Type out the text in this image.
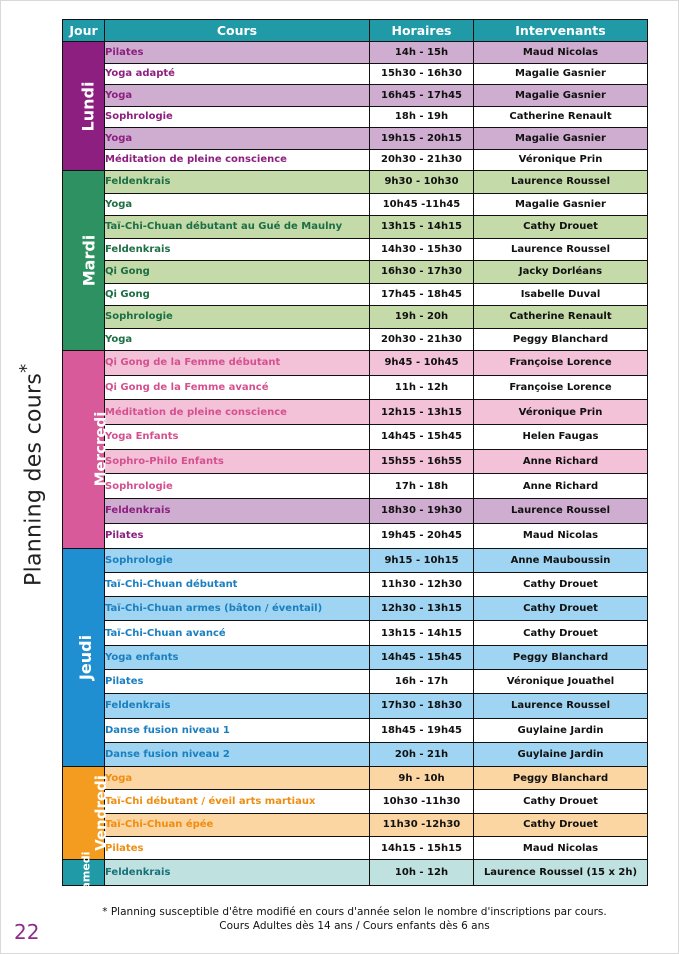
Planning des cours*
Jour	Cours	Horaires	Intervenants
Lundi	Pilates	14h - 15h	Maud Nicolas
	Yoga adapté	15h30 - 16h30	Magalie Gasnier
	Yoga	16h45 - 17h45	Magalie Gasnier
	Sophrologie	18h - 19h	Catherine Renault
	Yoga	19h15 - 20h15	Magalie Gasnier
	Méditation de pleine conscience	20h30 - 21h30	Véronique Prin
Mardi	Feldenkrais	9h30 - 10h30	Laurence Roussel
	Yoga	10h45 -11h45	Magalie Gasnier
	Taï-Chi-Chuan débutant au Gué de Maulny	13h15 - 14h15	Cathy Drouet
	Feldenkrais	14h30 - 15h30	Laurence Roussel
	Qi Gong	16h30 - 17h30	Jacky Dorléans
	Qi Gong	17h45 - 18h45	Isabelle Duval
	Sophrologie	19h - 20h	Catherine Renault
	Yoga	20h30 - 21h30	Peggy Blanchard
Mercredi	Qi Gong de la Femme débutant	9h45 - 10h45	Françoise Lorence
	Qi Gong de la Femme avancé	11h - 12h	Françoise Lorence
	Méditation de pleine conscience	12h15 - 13h15	Véronique Prin
	Yoga Enfants	14h45 - 15h45	Helen Faugas
	Sophro-Philo Enfants	15h55 - 16h55	Anne Richard
	Sophrologie	17h - 18h	Anne Richard
	Feldenkrais	18h30 - 19h30	Laurence Roussel
	Pilates	19h45 - 20h45	Maud Nicolas
Jeudi	Sophrologie	9h15 - 10h15	Anne Mauboussin
	Taï-Chi-Chuan débutant	11h30 - 12h30	Cathy Drouet
	Taï-Chi-Chuan armes (bâton / éventail)	12h30 - 13h15	Cathy Drouet
	Taï-Chi-Chuan avancé	13h15 - 14h15	Cathy Drouet
	Yoga enfants	14h45 - 15h45	Peggy Blanchard
	Pilates	16h - 17h	Véronique Jouathel
	Feldenkrais	17h30 - 18h30	Laurence Roussel
	Danse fusion niveau 1	18h45 - 19h45	Guylaine Jardin
	Danse fusion niveau 2	20h - 21h	Guylaine Jardin
Vendredi	Yoga	9h - 10h	Peggy Blanchard
	Taï-Chi débutant / éveil arts martiaux	10h30 -11h30	Cathy Drouet
	Taï-Chi-Chuan épée	11h30 -12h30	Cathy Drouet
	Pilates	14h15 - 15h15	Maud Nicolas
Samedi	Feldenkrais	10h - 12h	Laurence Roussel (15 x 2h)
* Planning susceptible d'être modifié en cours d'année selon le nombre d'inscriptions par cours.
Cours Adultes dès 14 ans / Cours enfants dès 6 ans
22
